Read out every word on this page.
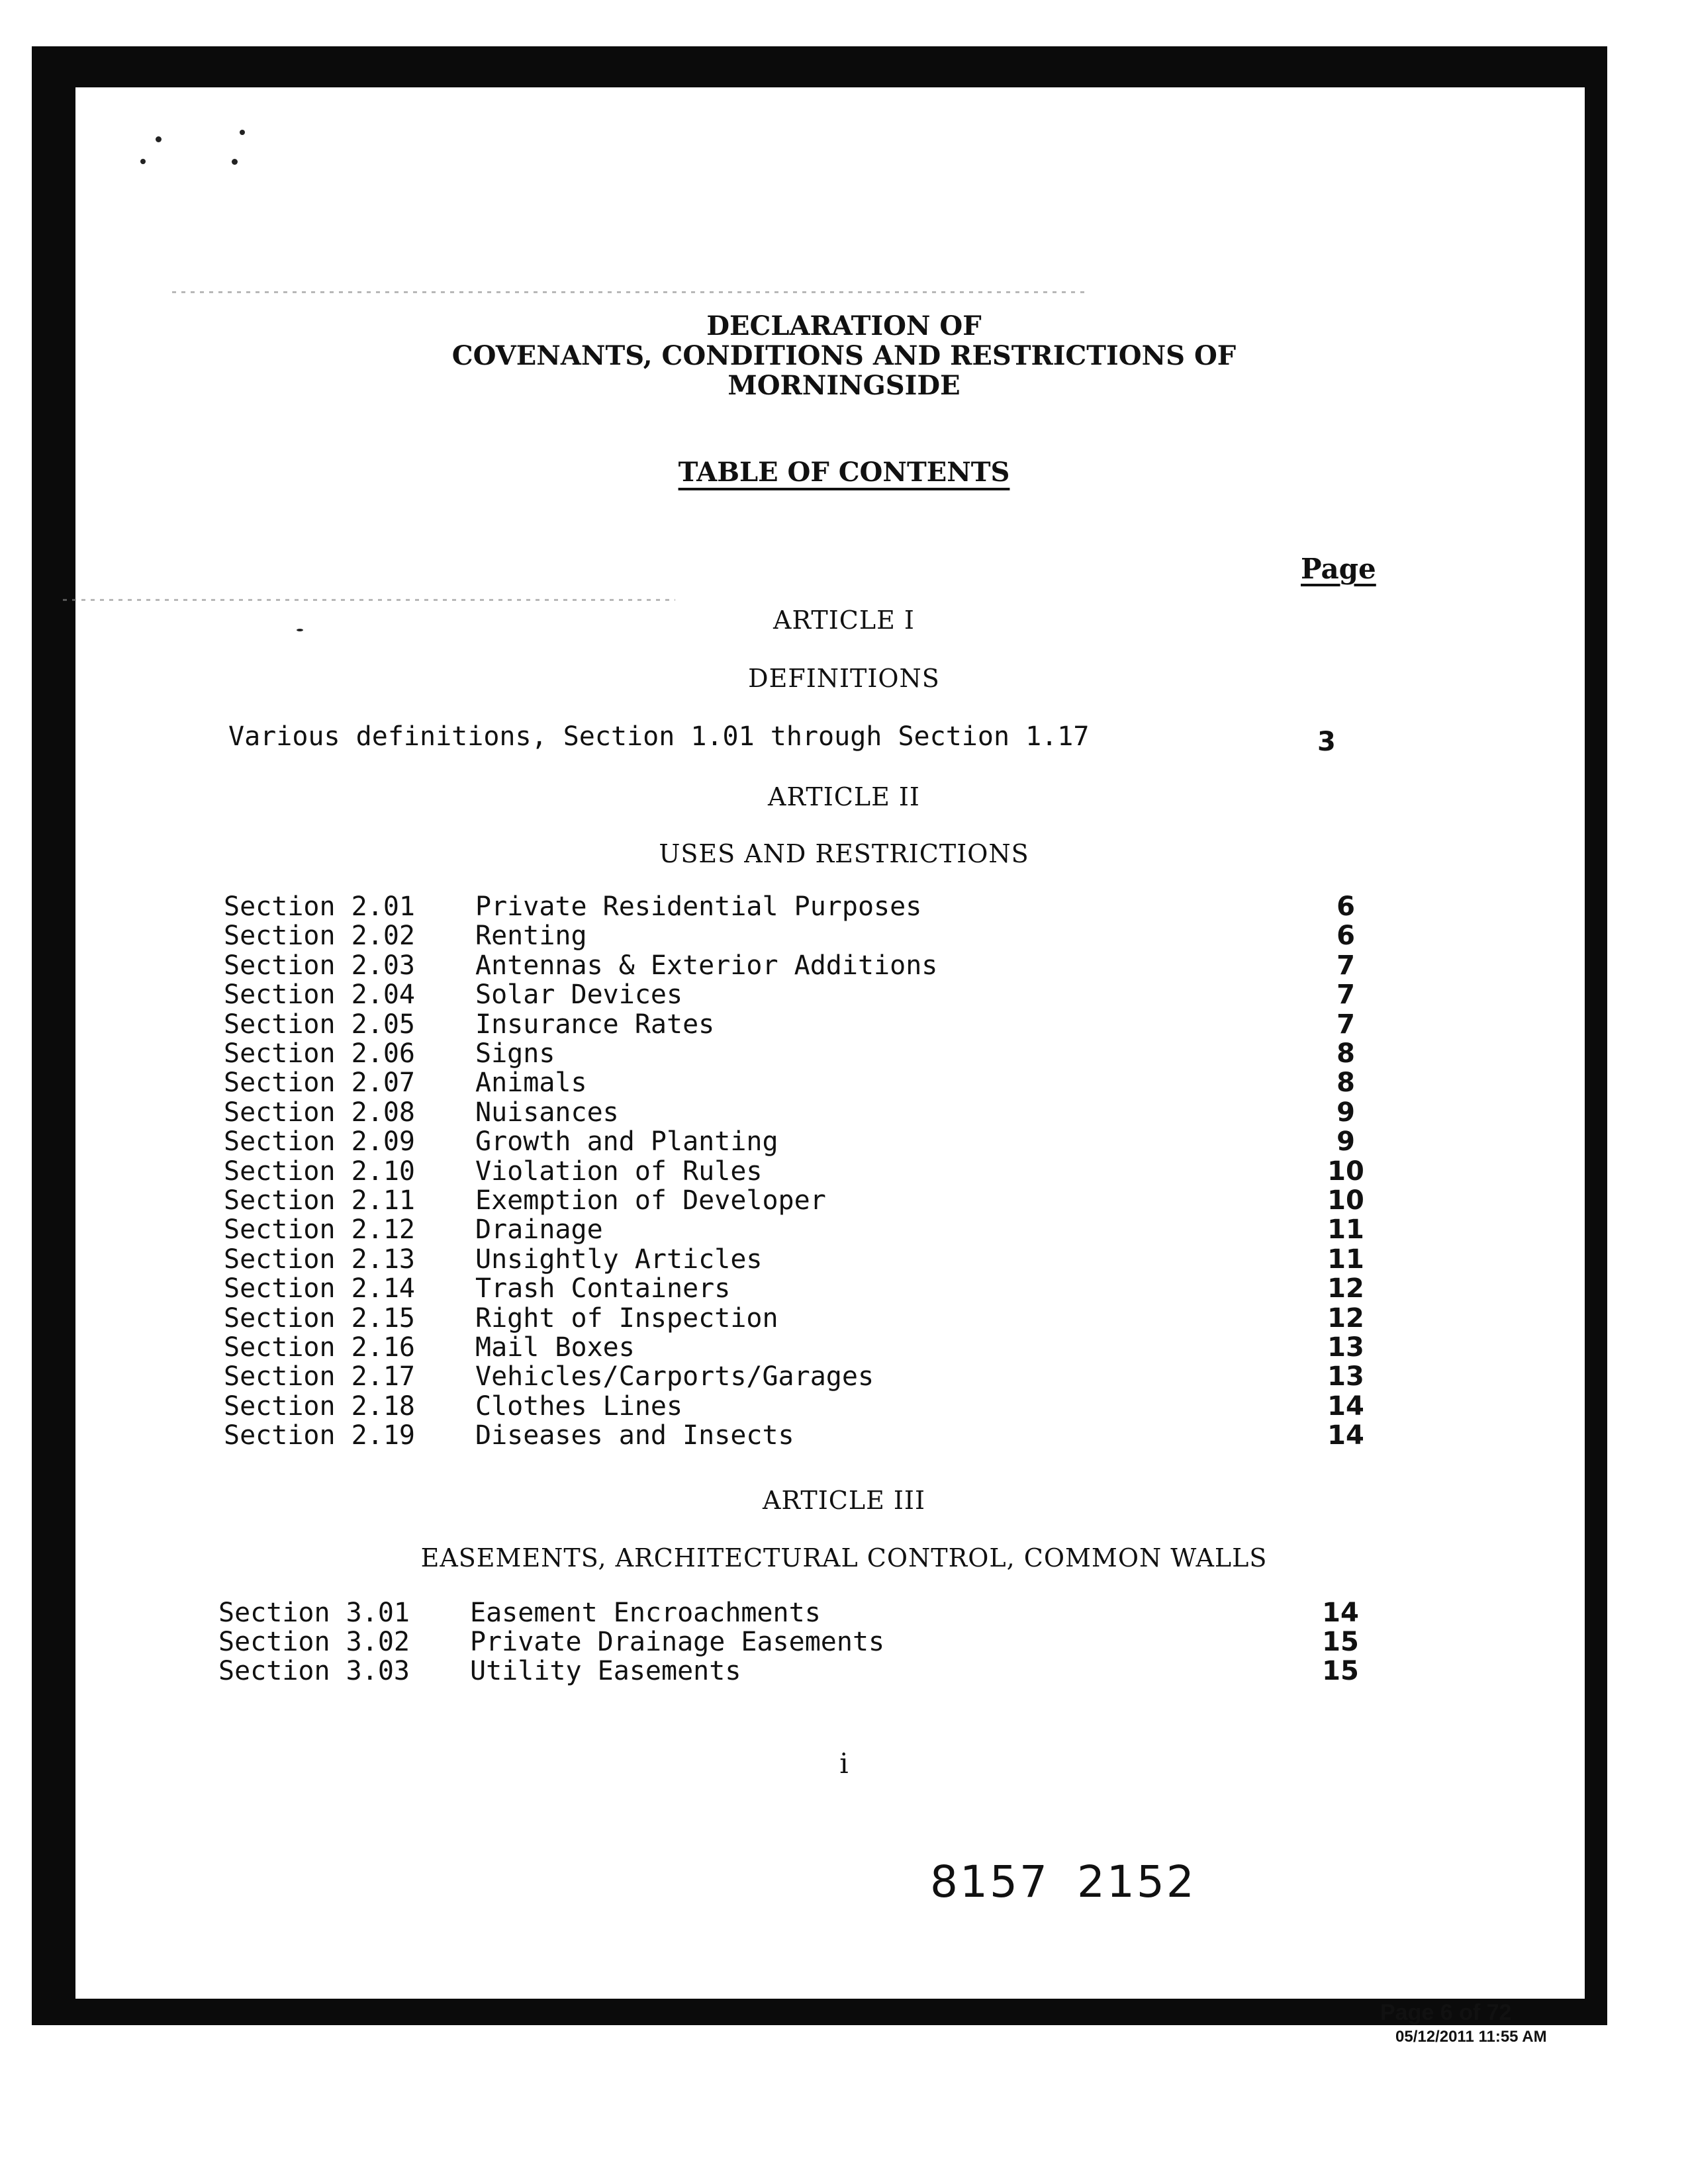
DECLARATION OF
COVENANTS, CONDITIONS AND RESTRICTIONS OF
MORNINGSIDE
TABLE OF CONTENTS
Page
ARTICLE I
DEFINITIONS
Various definitions, Section 1.01 through Section 1.17	3
ARTICLE II
USES AND RESTRICTIONS
Section 2.01 Private Residential Purposes	6
Section 2.02 Renting	6
Section 2.03 Antennas & Exterior Additions	7
Section 2.04 Solar Devices	7
Section 2.05 Insurance Rates	7
Section 2.06 Signs	8
Section 2.07 Animals	8
Section 2.08 Nuisances	9
Section 2.09 Growth and Planting	9
Section 2.10 Violation of Rules	10
Section 2.11 Exemption of Developer	10
Section 2.12 Drainage	11
Section 2.13 Unsightly Articles	11
Section 2.14 Trash Containers	12
Section 2.15 Right of Inspection	12
Section 2.16 Mail Boxes	13
Section 2.17 Vehicles/Carports/Garages	13
Section 2.18 Clothes Lines	14
Section 2.19 Diseases and Insects	14
ARTICLE III
EASEMENTS, ARCHITECTURAL CONTROL, COMMON WALLS
Section 3.01 Easement Encroachments	14
Section 3.02 Private Drainage Easements	15
Section 3.03 Utility Easements	15
i
8157 2152
Page 6 of 72
05/12/2011 11:55 AM
